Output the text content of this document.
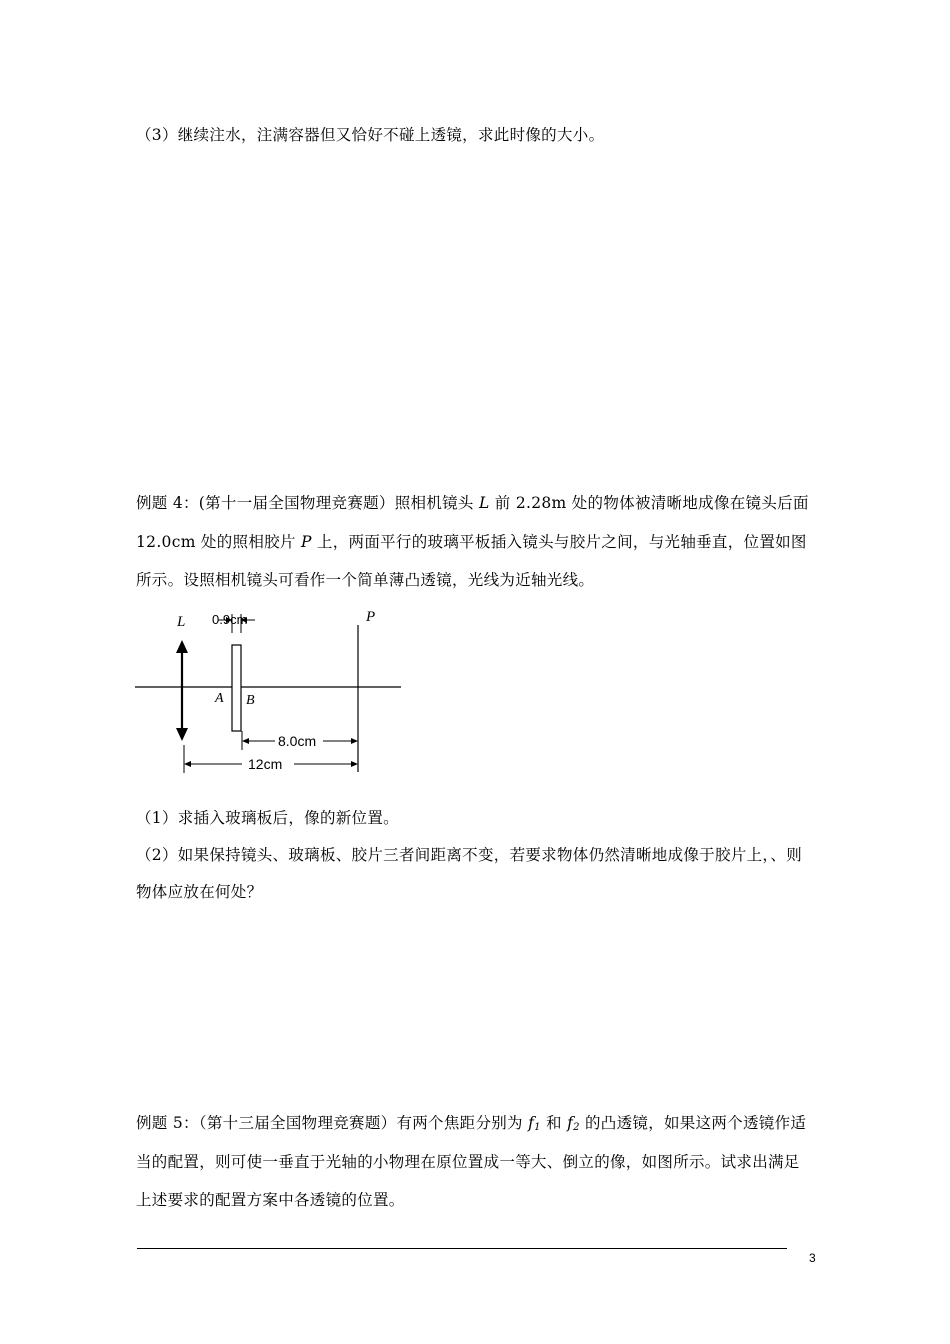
（3）继续注水，注满容器但又恰好不碰上透镜，求此时像的大小。
例题 4：(第十一届全国物理竞赛题）照相机镜头 L 前 2.28m 处的物体被清晰地成像在镜头后面
12.0cm 处的照相胶片 P 上，两面平行的玻璃平板插入镜头与胶片之间，与光轴垂直，位置如图
所示。设照相机镜头可看作一个简单薄凸透镜，光线为近轴光线。
L 0.9cm
A B
P
8.0cm
12cm
（1）求插入玻璃板后，像的新位置。
（2）如果保持镜头、玻璃板、胶片三者间距离不变，若要求物体仍然清晰地成像于胶片上，、则
物体应放在何处？
例题 5：（第十三届全国物理竞赛题）有两个焦距分别为 $f_1$ 和 $f_2$ 的凸透镜，如果这两个透镜作适
当的配置，则可使一垂直于光轴的小物理在原位置成一等大、倒立的像，如图所示。试求出满足
上述要求的配置方案中各透镜的位置。
3
